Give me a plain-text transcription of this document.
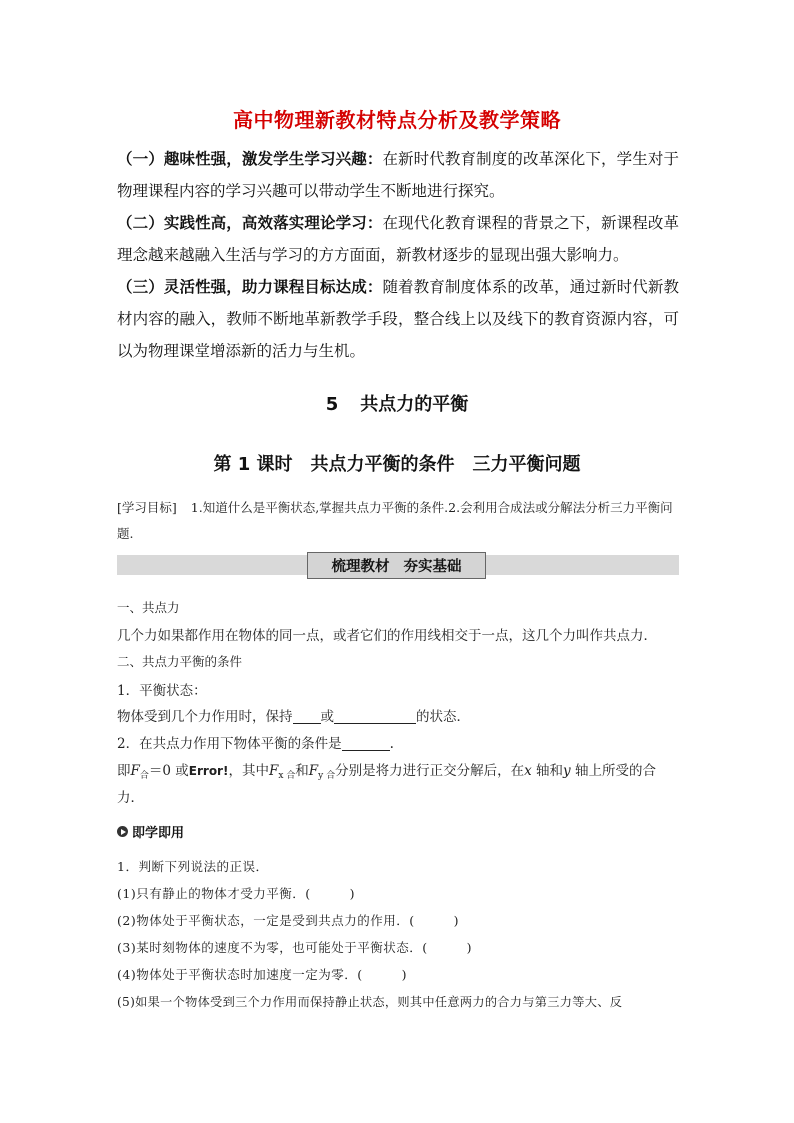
高中物理新教材特点分析及教学策略
（一）趣味性强，激发学生学习兴趣：在新时代教育制度的改革深化下，学生对于物理课程内容的学习兴趣可以带动学生不断地进行探究。
（二）实践性高，高效落实理论学习：在现代化教育课程的背景之下，新课程改革理念越来越融入生活与学习的方方面面，新教材逐步的显现出强大影响力。
（三）灵活性强，助力课程目标达成：随着教育制度体系的改革，通过新时代新教材内容的融入，教师不断地革新教学手段，整合线上以及线下的教育资源内容，可以为物理课堂增添新的活力与生机。
5 共点力的平衡
第 1 课时 共点力平衡的条件 三力平衡问题
[学习目标] 1.知道什么是平衡状态,掌握共点力平衡的条件.2.会利用合成法或分解法分析三力平衡问题.
梳理教材 夯实基础
一、共点力
几个力如果都作用在物体的同一点，或者它们的作用线相交于一点，这几个力叫作共点力．
二、共点力平衡的条件
1．平衡状态：
物体受到几个力作用时，保持 或	的状态．
2．在共点力作用下物体平衡的条件是	.
即$F_合=0$ 或Error!，其中$F_{x 合}$和$F_{y 合}$分别是将力进行正交分解后，在x 轴和y 轴上所受的合
力．
即学即用
1．判断下列说法的正误．
(1)只有静止的物体才受力平衡．(　　　)
(2)物体处于平衡状态，一定是受到共点力的作用．(　　　)
(3)某时刻物体的速度不为零，也可能处于平衡状态．(　　　)
(4)物体处于平衡状态时加速度一定为零．(　　　)
(5)如果一个物体受到三个力作用而保持静止状态，则其中任意两力的合力与第三力等大、反
